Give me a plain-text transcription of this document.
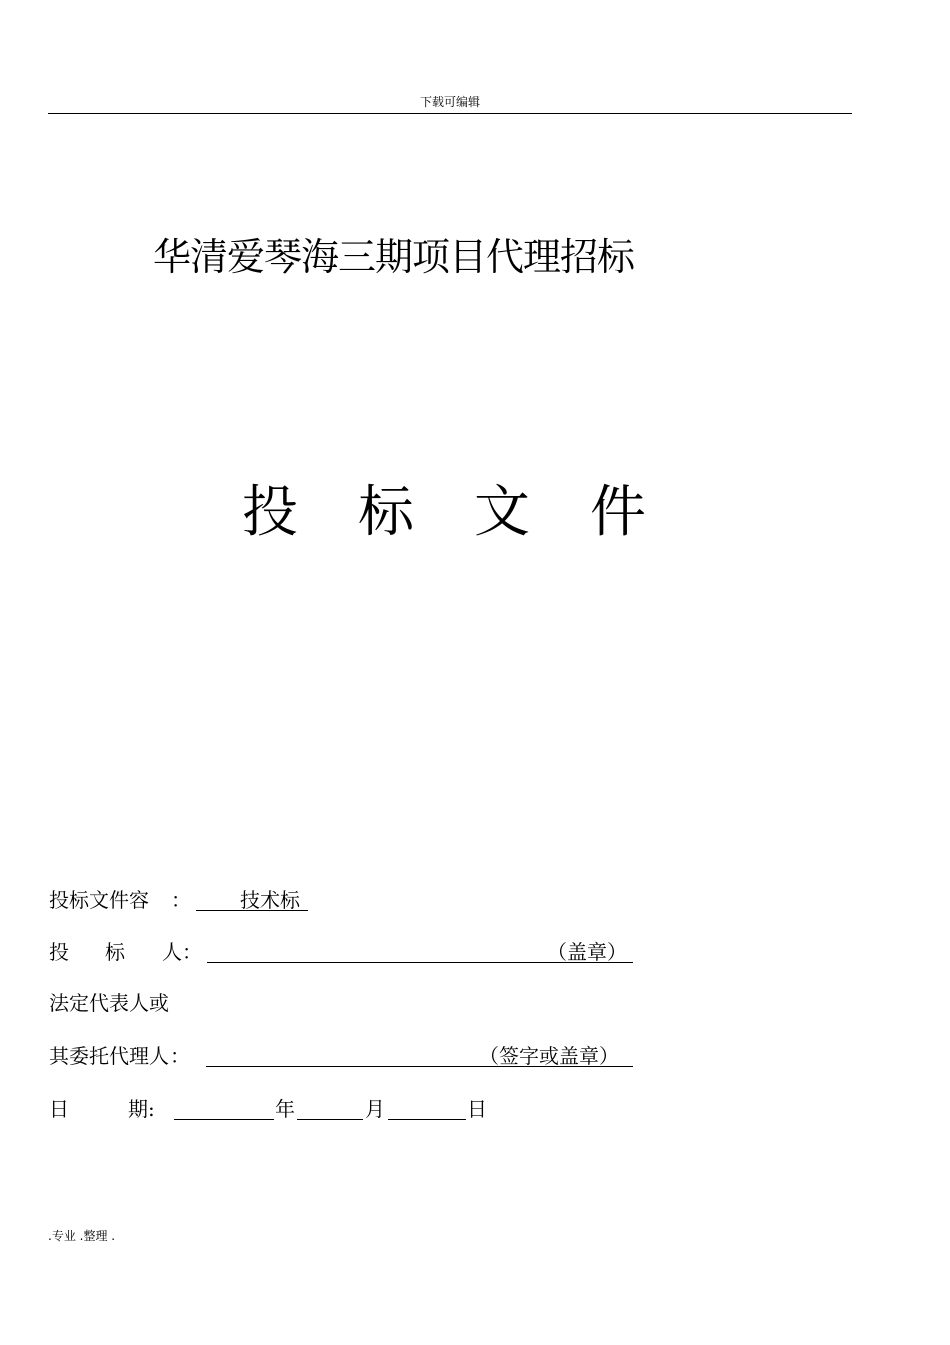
下载可编辑
华清爱琴海三期项目代理招标
投 标 文 件
投标文件容 ： 技术标
投 标 人 ：	（盖章）
法定代表人或
其委托代理人 ：	（签字或盖章）
日	期 :	年	月	日
.专业 .整理 .
